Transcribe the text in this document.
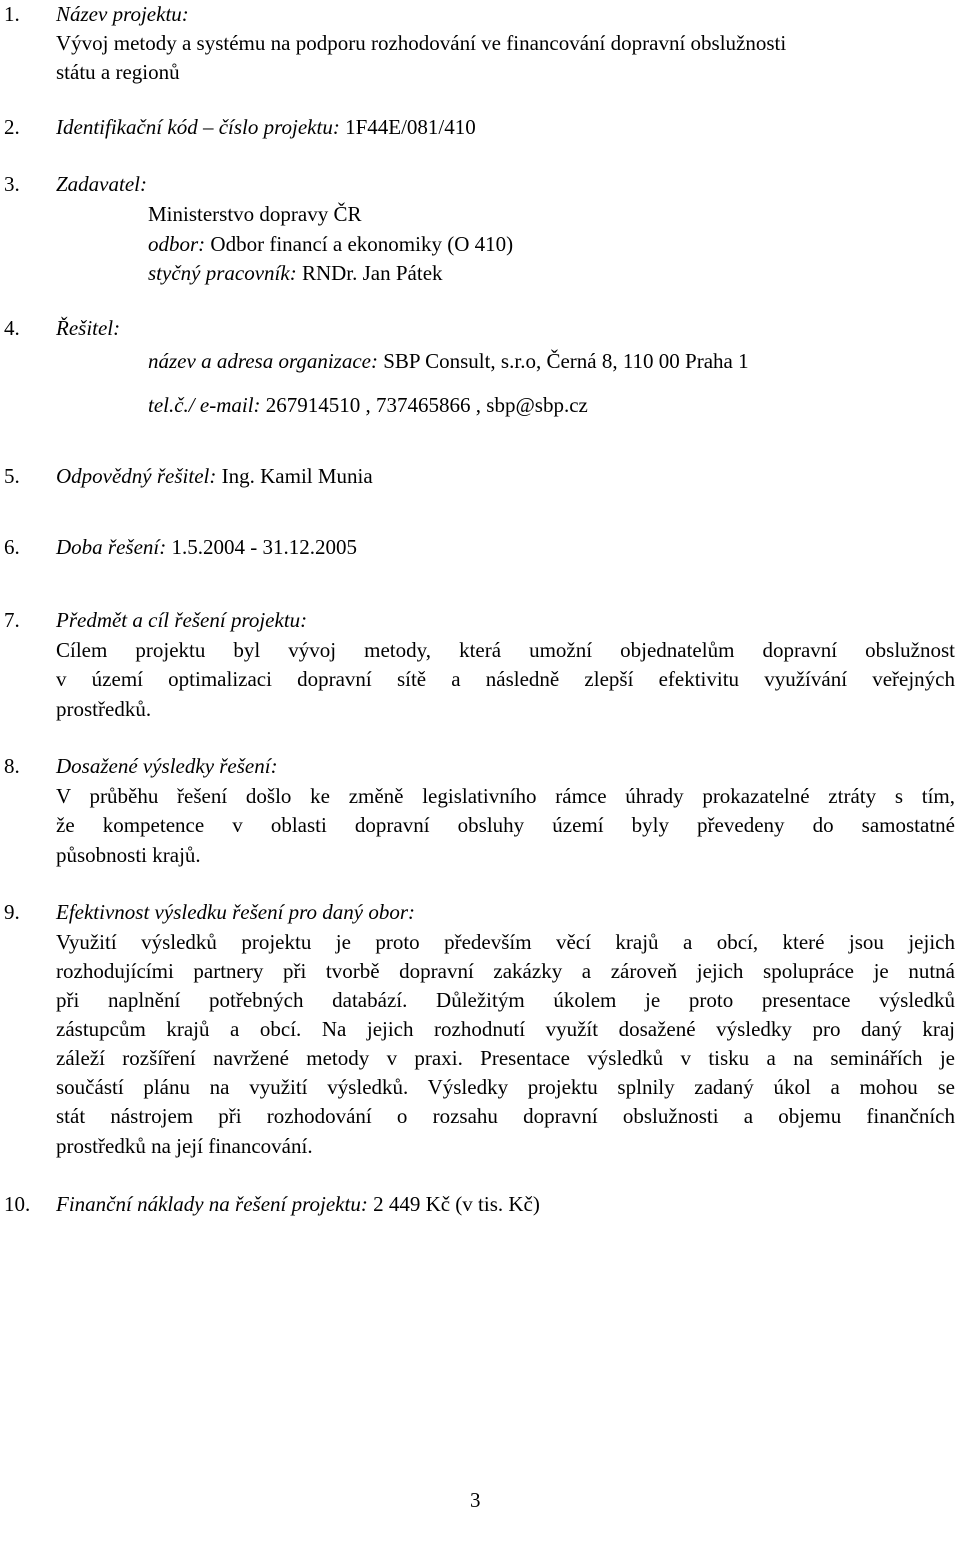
1. Název projektu:
Vývoj metody a systému na podporu rozhodování ve financování dopravní obslužnosti
státu a regionů
2. Identifikační kód – číslo projektu: 1F44E/081/410
3. Zadavatel:
Ministerstvo dopravy ČR
odbor: Odbor financí a ekonomiky (O 410)
styčný pracovník: RNDr. Jan Pátek
4. Řešitel:
název a adresa organizace: SBP Consult, s.r.o, Černá 8, 110 00 Praha 1
tel.č./ e-mail: 267914510 , 737465866 , sbp@sbp.cz
5. Odpovědný řešitel: Ing. Kamil Munia
6. Doba řešení: 1.5.2004 - 31.12.2005
7. Předmět a cíl řešení projektu:
Cílem projektu byl vývoj metody, která umožní objednatelům dopravní obslužnost
v území optimalizaci dopravní sítě a následně zlepší efektivitu využívání veřejných
prostředků.
8. Dosažené výsledky řešení:
V průběhu řešení došlo ke změně legislativního rámce úhrady prokazatelné ztráty s tím,
že kompetence v oblasti dopravní obsluhy území byly převedeny do samostatné
působnosti krajů.
9. Efektivnost výsledku řešení pro daný obor:
Využití výsledků projektu je proto především věcí krajů a obcí, které jsou jejich
rozhodujícími partnery při tvorbě dopravní zakázky a zároveň jejich spolupráce je nutná
při naplnění potřebných databází. Důležitým úkolem je proto presentace výsledků
zástupcům krajů a obcí. Na jejich rozhodnutí využít dosažené výsledky pro daný kraj
záleží rozšíření navržené metody v praxi. Presentace výsledků v tisku a na seminářích je
součástí plánu na využití výsledků. Výsledky projektu splnily zadaný úkol a mohou se
stát nástrojem při rozhodování o rozsahu dopravní obslužnosti a objemu finančních
prostředků na její financování.
10. Finanční náklady na řešení projektu: 2 449 Kč (v tis. Kč)
3
